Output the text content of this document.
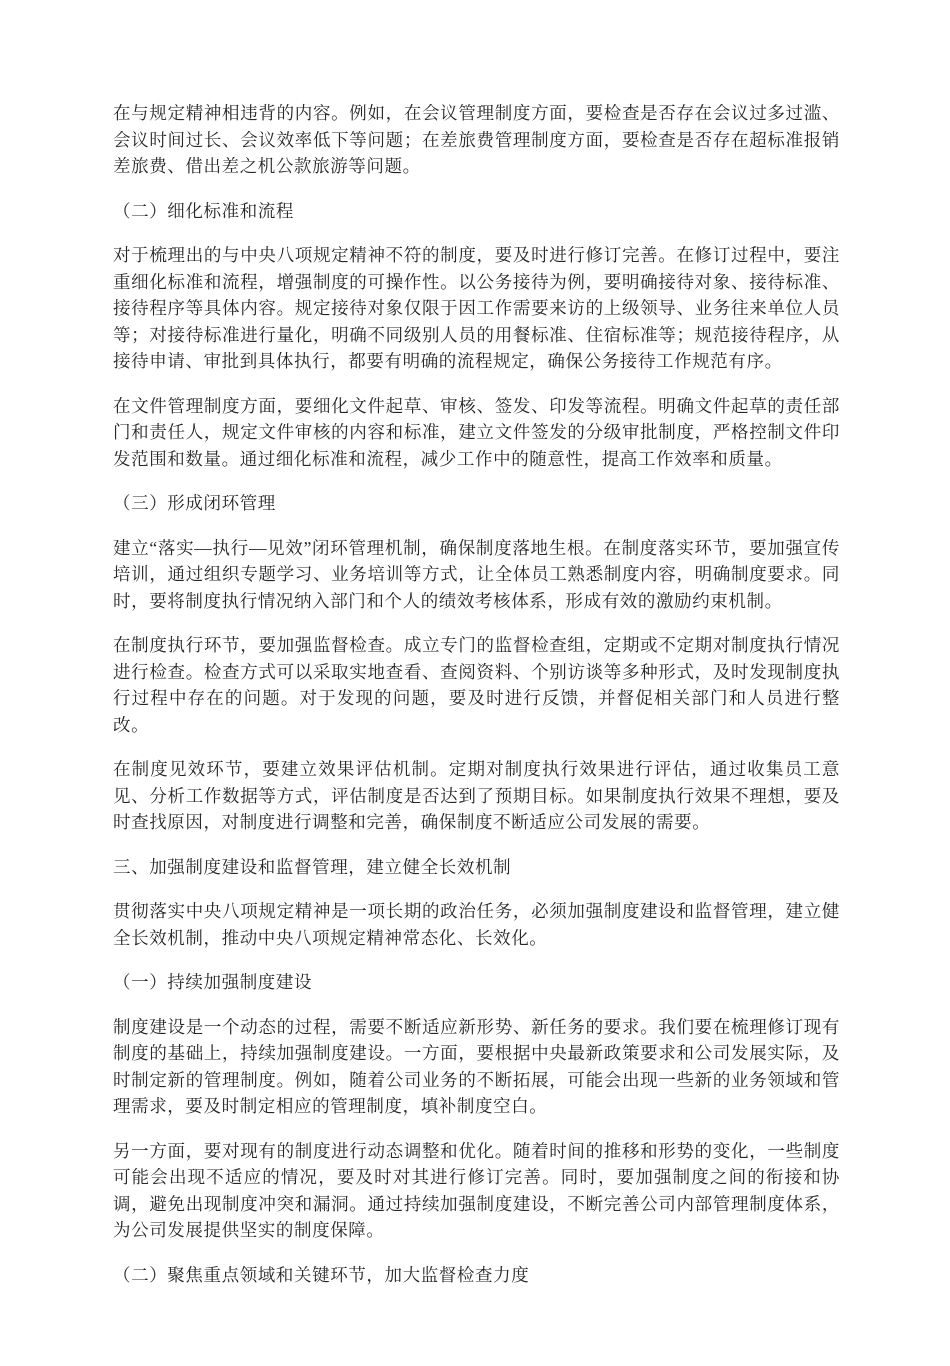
在与规定精神相违背的内容。例如，在会议管理制度方面，要检查是否存在会议过多过滥、会议时间过长、会议效率低下等问题；在差旅费管理制度方面，要检查是否存在超标准报销差旅费、借出差之机公款旅游等问题。

（二）细化标准和流程

对于梳理出的与中央八项规定精神不符的制度，要及时进行修订完善。在修订过程中，要注重细化标准和流程，增强制度的可操作性。以公务接待为例，要明确接待对象、接待标准、接待程序等具体内容。规定接待对象仅限于因工作需要来访的上级领导、业务往来单位人员等；对接待标准进行量化，明确不同级别人员的用餐标准、住宿标准等；规范接待程序，从接待申请、审批到具体执行，都要有明确的流程规定，确保公务接待工作规范有序。

在文件管理制度方面，要细化文件起草、审核、签发、印发等流程。明确文件起草的责任部门和责任人，规定文件审核的内容和标准，建立文件签发的分级审批制度，严格控制文件印发范围和数量。通过细化标准和流程，减少工作中的随意性，提高工作效率和质量。

（三）形成闭环管理

建立“落实—执行—见效”闭环管理机制，确保制度落地生根。在制度落实环节，要加强宣传培训，通过组织专题学习、业务培训等方式，让全体员工熟悉制度内容，明确制度要求。同时，要将制度执行情况纳入部门和个人的绩效考核体系，形成有效的激励约束机制。

在制度执行环节，要加强监督检查。成立专门的监督检查组，定期或不定期对制度执行情况进行检查。检查方式可以采取实地查看、查阅资料、个别访谈等多种形式，及时发现制度执行过程中存在的问题。对于发现的问题，要及时进行反馈，并督促相关部门和人员进行整改。

在制度见效环节，要建立效果评估机制。定期对制度执行效果进行评估，通过收集员工意见、分析工作数据等方式，评估制度是否达到了预期目标。如果制度执行效果不理想，要及时查找原因，对制度进行调整和完善，确保制度不断适应公司发展的需要。

三、加强制度建设和监督管理，建立健全长效机制

贯彻落实中央八项规定精神是一项长期的政治任务，必须加强制度建设和监督管理，建立健全长效机制，推动中央八项规定精神常态化、长效化。

（一）持续加强制度建设

制度建设是一个动态的过程，需要不断适应新形势、新任务的要求。我们要在梳理修订现有制度的基础上，持续加强制度建设。一方面，要根据中央最新政策要求和公司发展实际，及时制定新的管理制度。例如，随着公司业务的不断拓展，可能会出现一些新的业务领域和管理需求，要及时制定相应的管理制度，填补制度空白。

另一方面，要对现有的制度进行动态调整和优化。随着时间的推移和形势的变化，一些制度可能会出现不适应的情况，要及时对其进行修订完善。同时，要加强制度之间的衔接和协调，避免出现制度冲突和漏洞。通过持续加强制度建设，不断完善公司内部管理制度体系，为公司发展提供坚实的制度保障。

（二）聚焦重点领域和关键环节，加大监督检查力度
